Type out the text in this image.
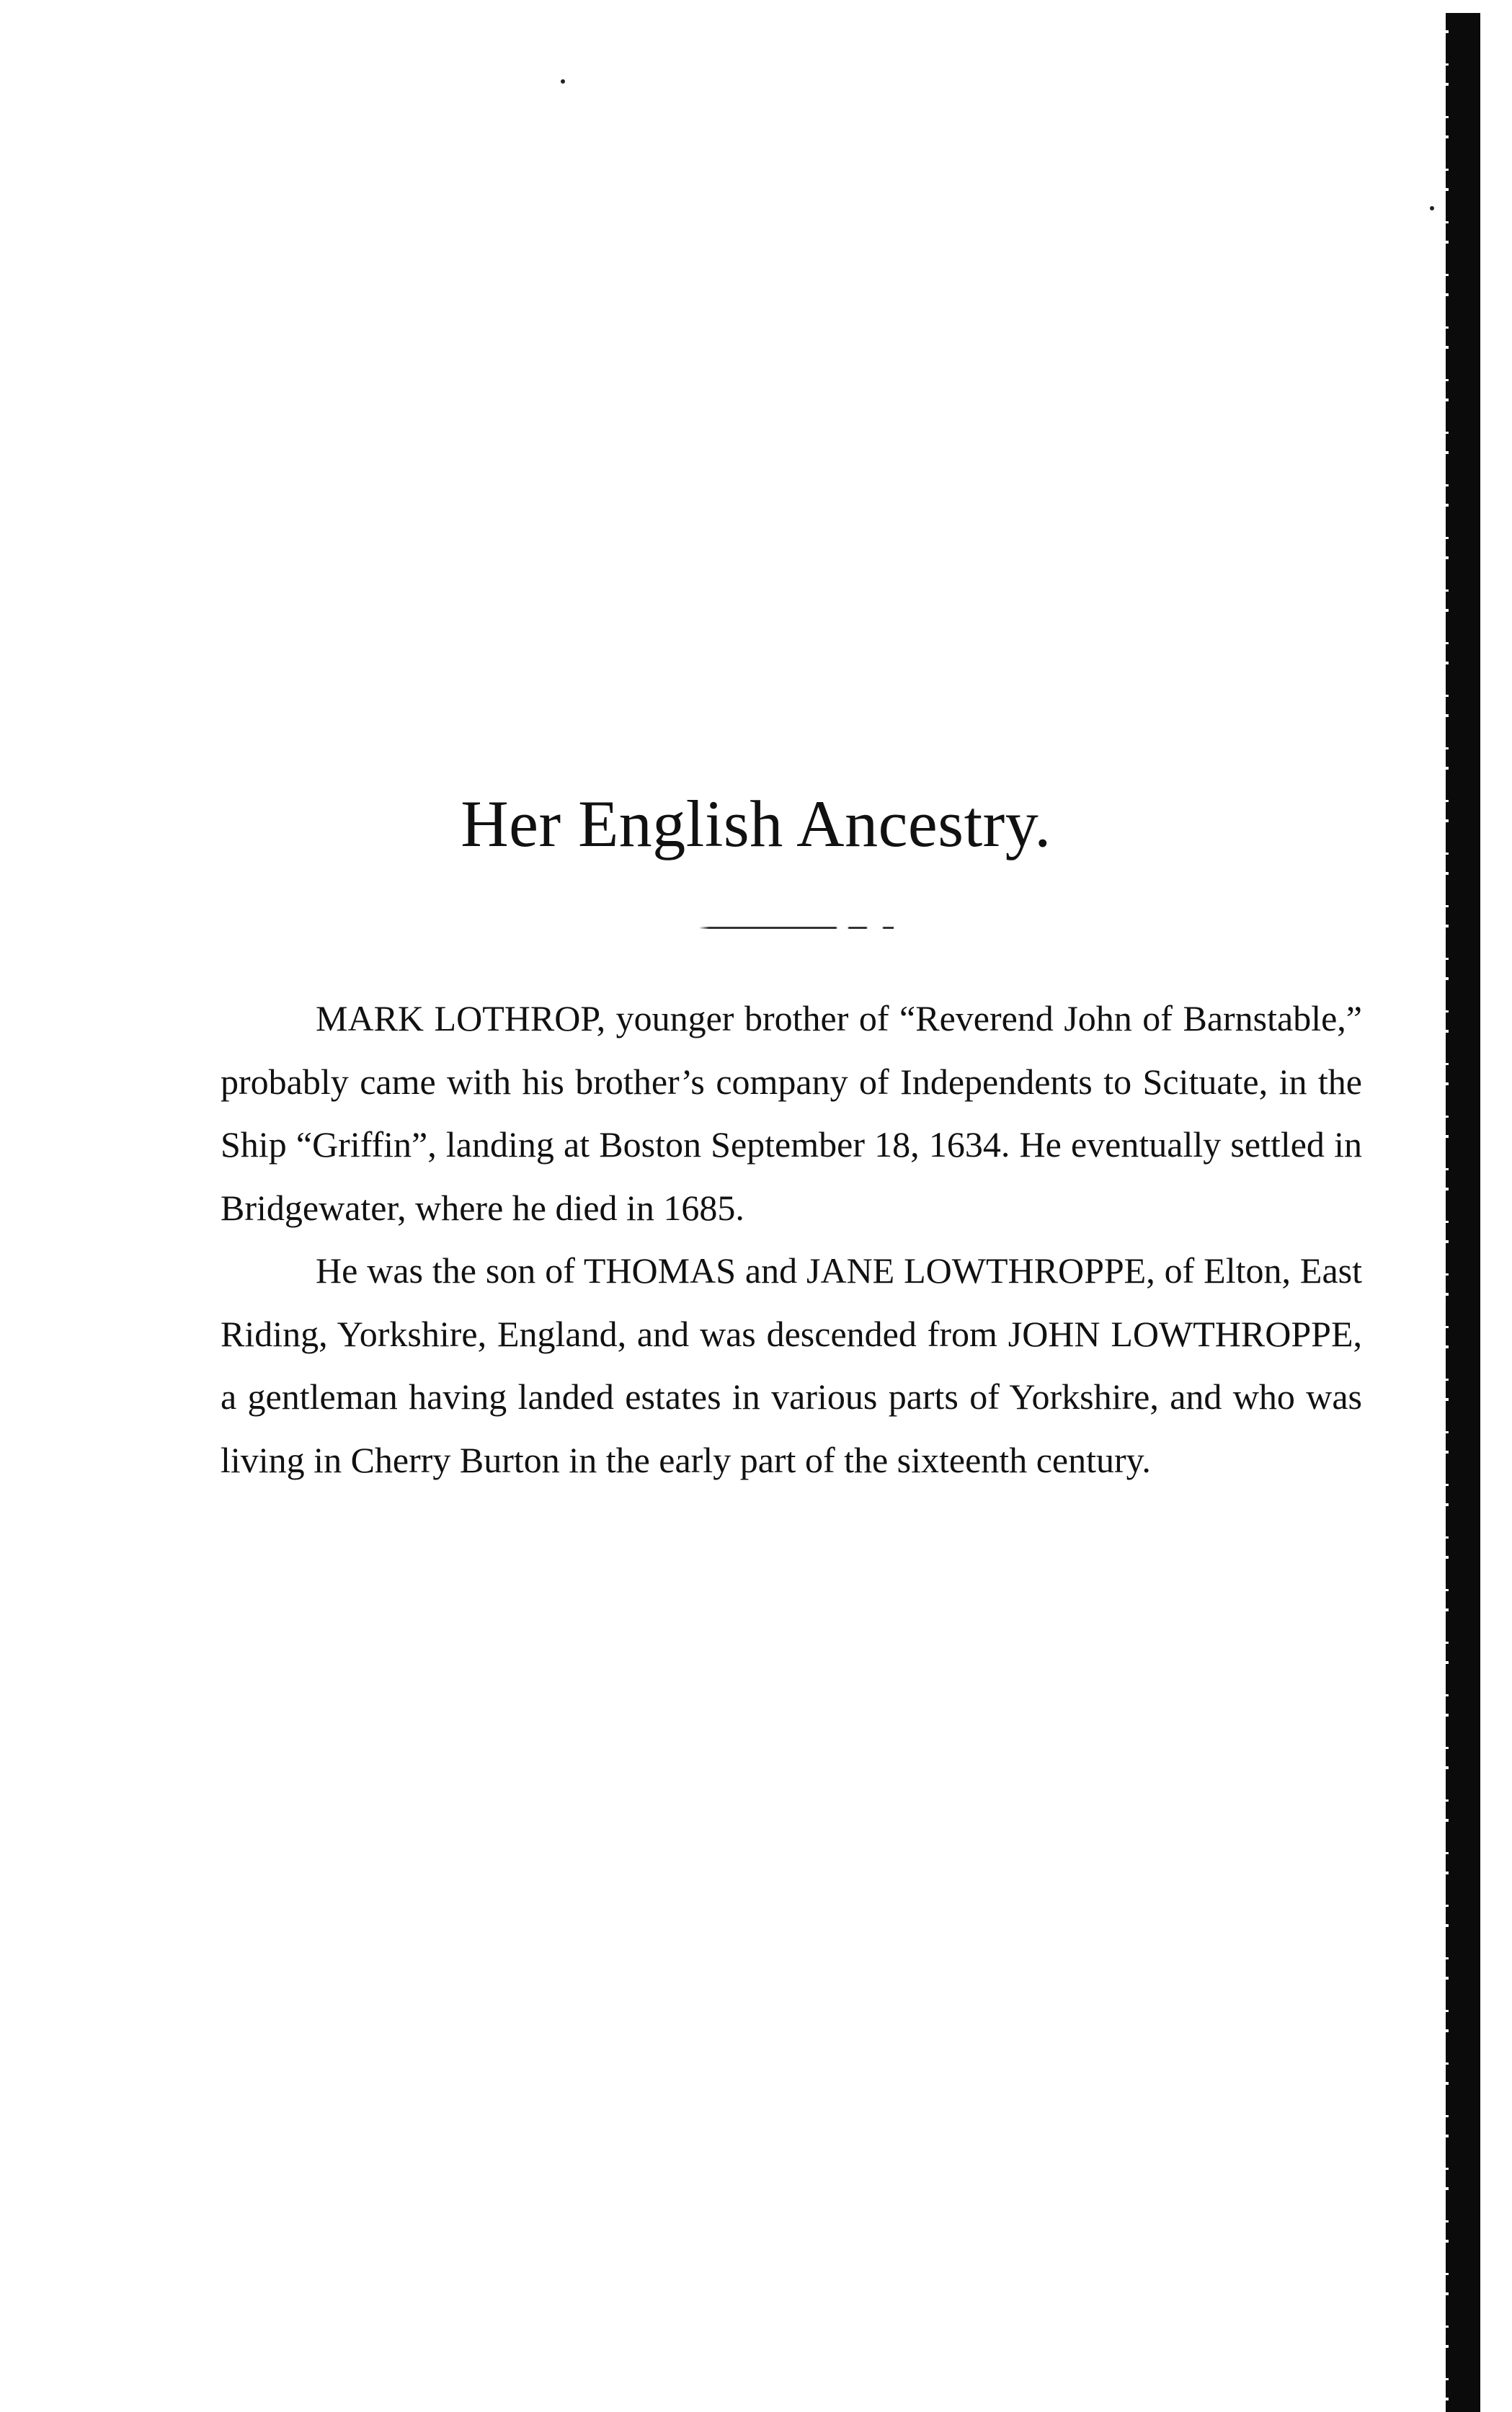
Her English Ancestry.

MARK LOTHROP, younger brother of “Reverend John of Barnstable,” probably came with his brother’s company of Independents to Scituate, in the Ship “Griffin”, landing at Boston September 18, 1634. He eventually settled in Bridgewater, where he died in 1685.

He was the son of THOMAS and JANE LOWTHROPPE, of Elton, East Riding, Yorkshire, England, and was descended from JOHN LOWTHROPPE, a gentleman having landed estates in various parts of Yorkshire, and who was living in Cherry Burton in the early part of the sixteenth century.
